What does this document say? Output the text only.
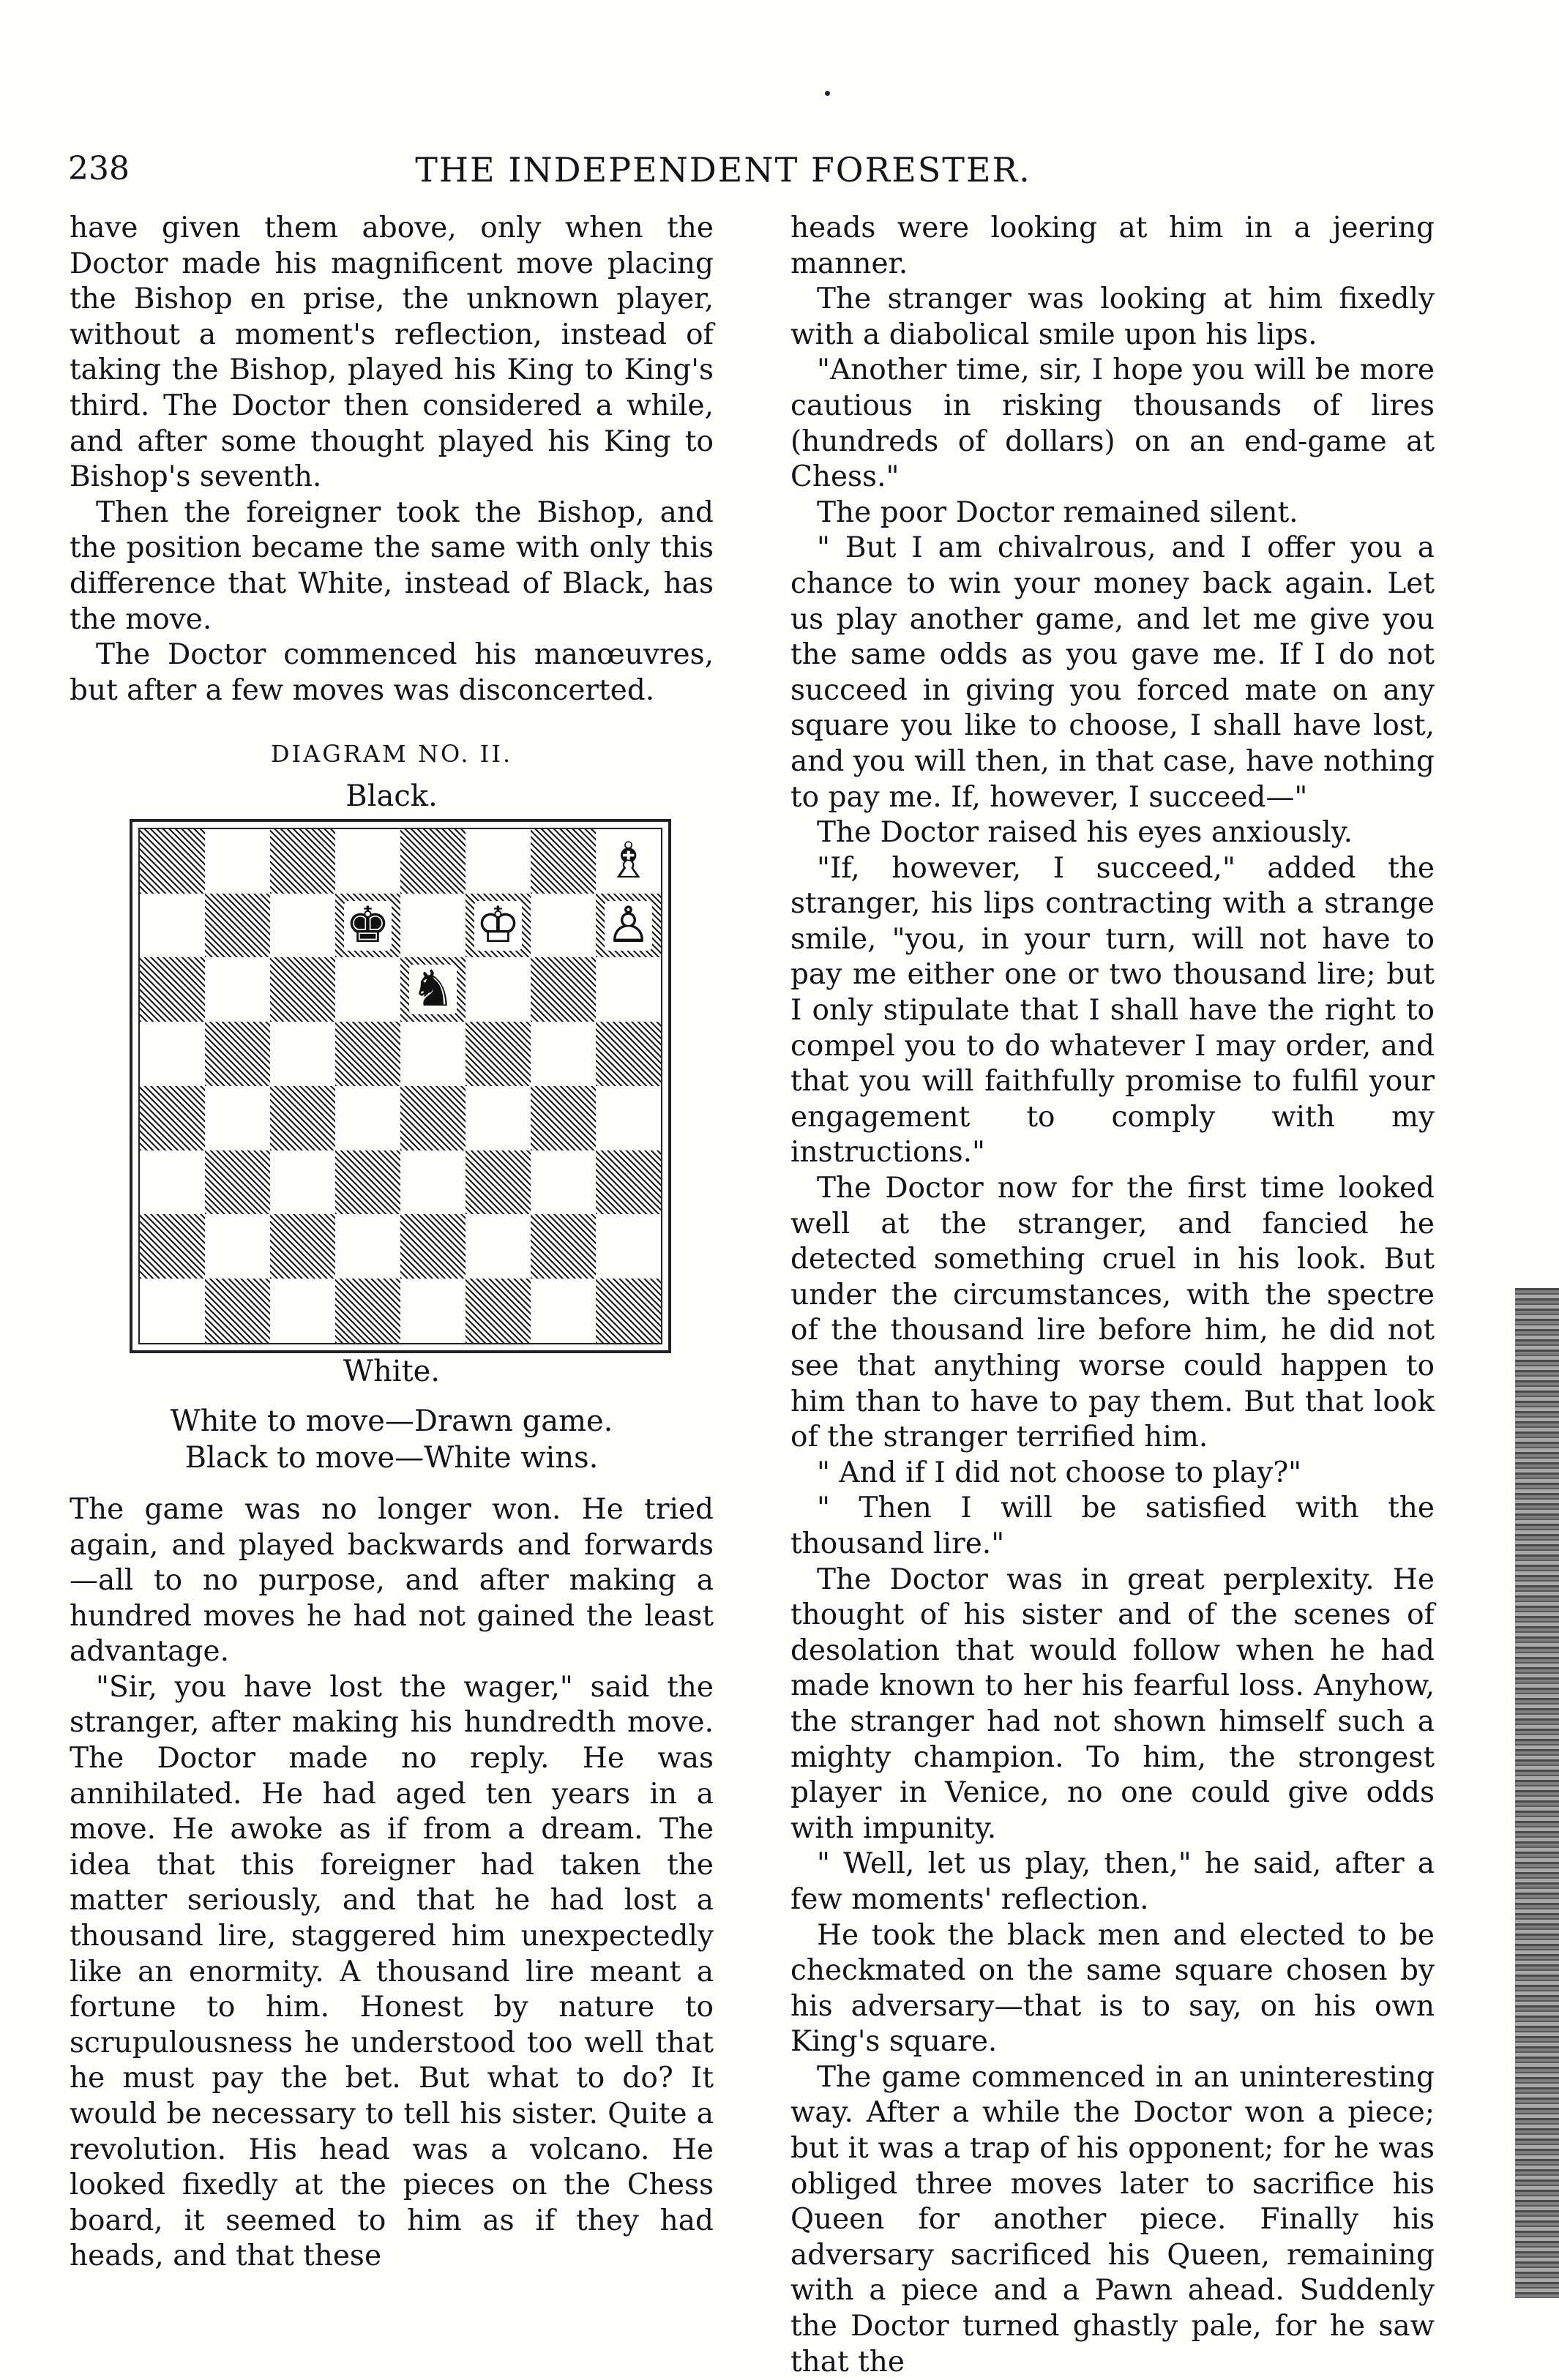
238	THE INDEPENDENT FORESTER.

have given them above, only when the Doctor made his magnificent move placing the Bishop en prise, the unknown player, without a moment's reflection, instead of taking the Bishop, played his King to King's third. The Doctor then considered a while, and after some thought played his King to Bishop's seventh.

Then the foreigner took the Bishop, and the position became the same with only this difference that White, instead of Black, has the move.

The Doctor commenced his manœuvres, but after a few moves was disconcerted.

DIAGRAM NO. II.
Black.
♗
♚ ♔ ♙
♞
White.
White to move—Drawn game.
Black to move—White wins.

The game was no longer won. He tried again, and played backwards and forwards—all to no purpose, and after making a hundred moves he had not gained the least advantage.

"Sir, you have lost the wager," said the stranger, after making his hundredth move. The Doctor made no reply. He was annihilated. He had aged ten years in a move. He awoke as if from a dream. The idea that this foreigner had taken the matter seriously, and that he had lost a thousand lire, staggered him unexpectedly like an enormity. A thousand lire meant a fortune to him. Honest by nature to scrupulousness he understood too well that he must pay the bet. But what to do? It would be necessary to tell his sister. Quite a revolution. His head was a volcano. He looked fixedly at the pieces on the Chess board, it seemed to him as if they had heads, and that these

heads were looking at him in a jeering manner.

The stranger was looking at him fixedly with a diabolical smile upon his lips.

"Another time, sir, I hope you will be more cautious in risking thousands of lires (hundreds of dollars) on an end-game at Chess."

The poor Doctor remained silent.

" But I am chivalrous, and I offer you a chance to win your money back again. Let us play another game, and let me give you the same odds as you gave me. If I do not succeed in giving you forced mate on any square you like to choose, I shall have lost, and you will then, in that case, have nothing to pay me. If, however, I succeed—"

The Doctor raised his eyes anxiously.

"If, however, I succeed," added the stranger, his lips contracting with a strange smile, "you, in your turn, will not have to pay me either one or two thousand lire; but I only stipulate that I shall have the right to compel you to do whatever I may order, and that you will faithfully promise to fulfil your engagement to comply with my instructions."

The Doctor now for the first time looked well at the stranger, and fancied he detected something cruel in his look. But under the circumstances, with the spectre of the thousand lire before him, he did not see that anything worse could happen to him than to have to pay them. But that look of the stranger terrified him.

" And if I did not choose to play?"

" Then I will be satisfied with the thousand lire."

The Doctor was in great perplexity. He thought of his sister and of the scenes of desolation that would follow when he had made known to her his fearful loss. Anyhow, the stranger had not shown himself such a mighty champion. To him, the strongest player in Venice, no one could give odds with impunity.

" Well, let us play, then," he said, after a few moments' reflection.

He took the black men and elected to be checkmated on the same square chosen by his adversary—that is to say, on his own King's square.

The game commenced in an uninteresting way. After a while the Doctor won a piece; but it was a trap of his opponent; for he was obliged three moves later to sacrifice his Queen for another piece. Finally his adversary sacrificed his Queen, remaining with a piece and a Pawn ahead. Suddenly the Doctor turned ghastly pale, for he saw that the
